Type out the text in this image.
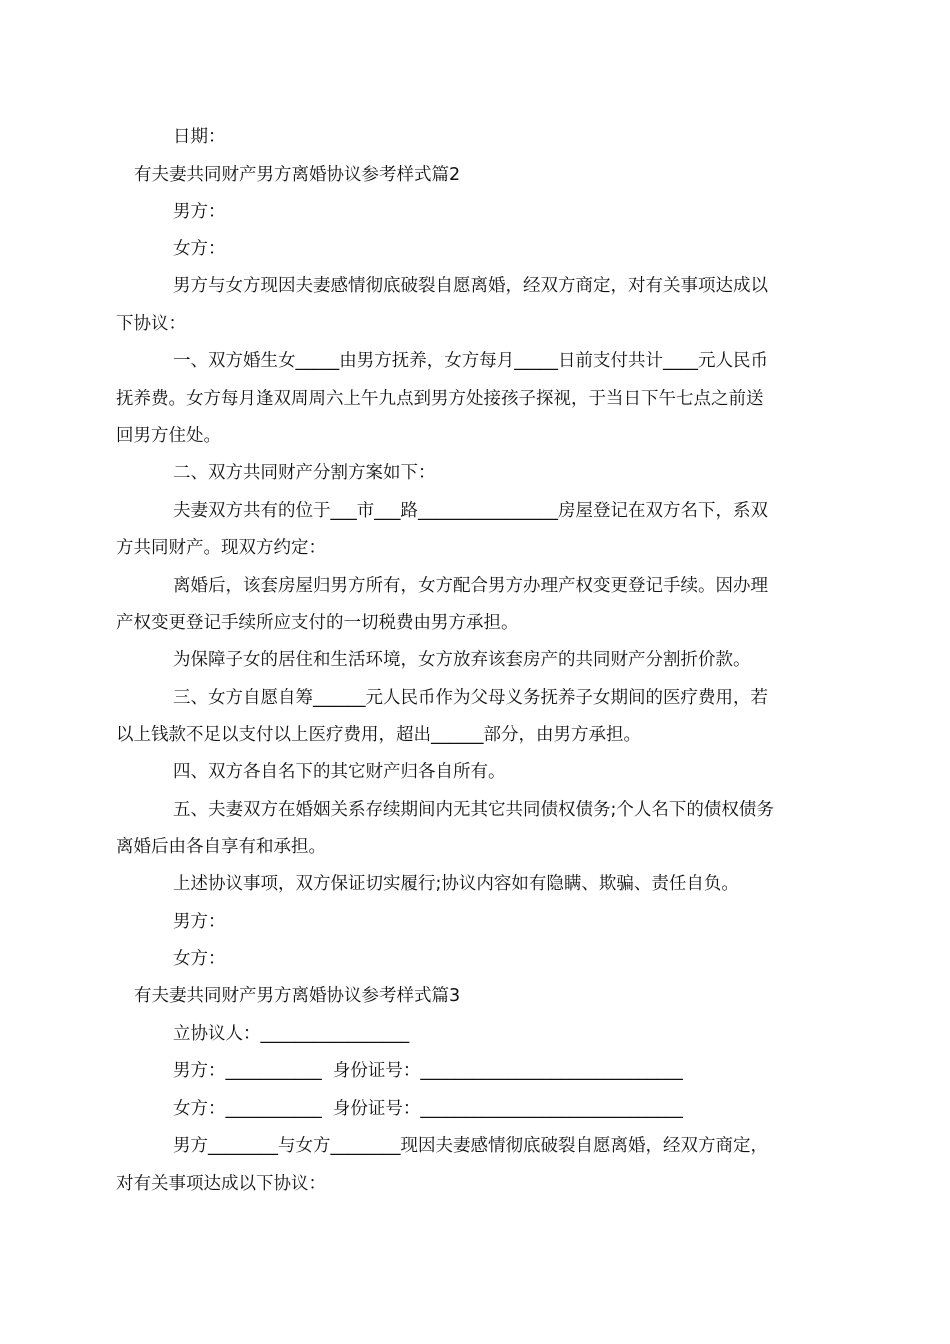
日期：
有夫妻共同财产男方离婚协议参考样式篇2
男方：
女方：
男方与女方现因夫妻感情彻底破裂自愿离婚，经双方商定，对有关事项达成以
下协议：
一、双方婚生女_____由男方抚养，女方每月_____日前支付共计____元人民币
抚养费。女方每月逢双周周六上午九点到男方处接孩子探视，于当日下午七点之前送
回男方住处。
二、双方共同财产分割方案如下：
夫妻双方共有的位于___市___路________________房屋登记在双方名下，系双
方共同财产。现双方约定：
离婚后，该套房屋归男方所有，女方配合男方办理产权变更登记手续。因办理
产权变更登记手续所应支付的一切税费由男方承担。
为保障子女的居住和生活环境，女方放弃该套房产的共同财产分割折价款。
三、女方自愿自筹______元人民币作为父母义务抚养子女期间的医疗费用，若
以上钱款不足以支付以上医疗费用，超出______部分，由男方承担。
四、双方各自名下的其它财产归各自所有。
五、夫妻双方在婚姻关系存续期间内无其它共同债权债务;个人名下的债权债务
离婚后由各自享有和承担。
上述协议事项，双方保证切实履行;协议内容如有隐瞒、欺骗、责任自负。
男方：
女方：
有夫妻共同财产男方离婚协议参考样式篇3
立协议人：_________________
男方：___________  身份证号：______________________________
女方：___________  身份证号：______________________________
男方________与女方________现因夫妻感情彻底破裂自愿离婚，经双方商定，
对有关事项达成以下协议：
